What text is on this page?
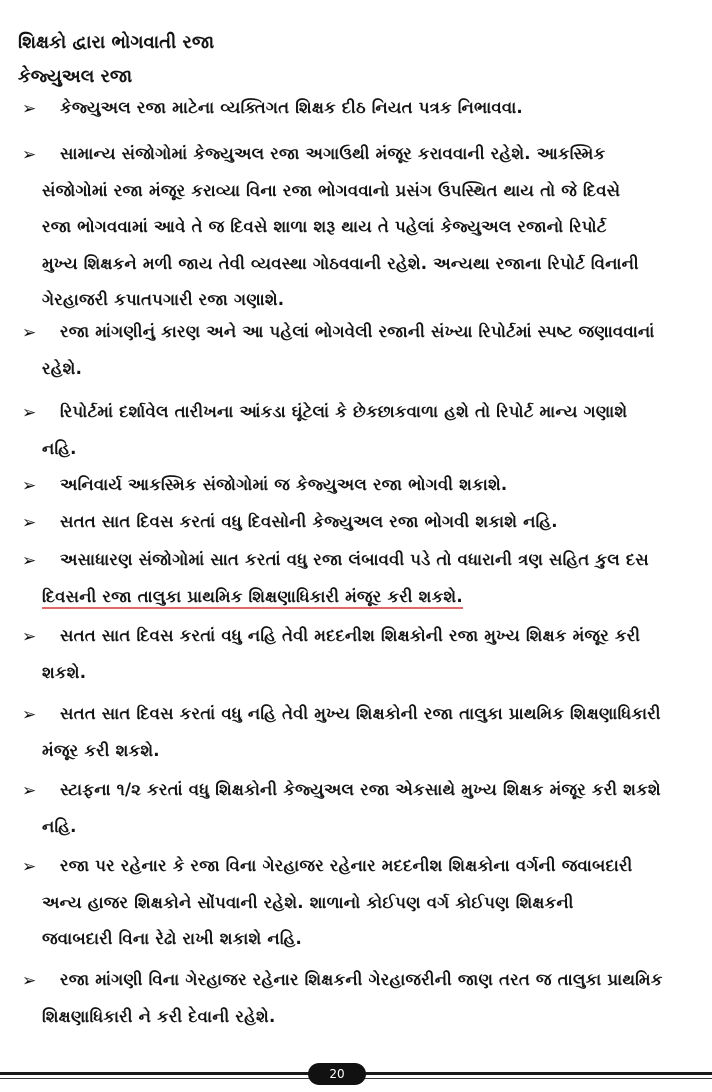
શિક્ષકો દ્વારા ભોગવાતી રજા
કેજ્યુઅલ રજા
➢ કેજ્યુઅલ રજા માટેના વ્યક્તિગત શિક્ષક દીઠ નિયત પત્રક નિભાવવા.
➢ સામાન્ય સંજોગોમાં કેજ્યુઅલ રજા અગાઉથી મંજૂર કરાવવાની રહેશે. આકસ્મિક
સંજોગોમાં રજા મંજૂર કરાવ્યા વિના રજા ભોગવવાનો પ્રસંગ ઉપસ્થિત થાય તો જે દિવસે
રજા ભોગવવામાં આવે તે જ દિવસે શાળા શરૂ થાય તે પહેલાં કેજ્યુઅલ રજાનો રિપોર્ટ
મુખ્ય શિક્ષકને મળી જાય તેવી વ્યવસ્થા ગોઠવવાની રહેશે. અન્યથા રજાના રિપોર્ટ વિનાની
ગેરહાજરી કપાતપગારી રજા ગણાશે.
➢ રજા માંગણીનું કારણ અને આ પહેલાં ભોગવેલી રજાની સંખ્યા રિપોર્ટમાં સ્પષ્ટ જણાવવાનાં
રહેશે.
➢ રિપોર્ટમાં દર્શાવેલ તારીખના આંકડા ઘૂંટેલાં કે છેકછાકવાળા હશે તો રિપોર્ટ માન્ય ગણાશે
નહિ.
➢ અનિવાર્ય આકસ્મિક સંજોગોમાં જ કેજ્યુઅલ રજા ભોગવી શકાશે.
➢ સતત સાત દિવસ કરતાં વધુ દિવસોની કેજ્યુઅલ રજા ભોગવી શકાશે નહિ.
➢ અસાધારણ સંજોગોમાં સાત કરતાં વધુ રજા લંબાવવી પડે તો વધારાની ત્રણ સહિત કુલ દસ
દિવસની રજા તાલુકા પ્રાથમિક શિક્ષણાધિકારી મંજૂર કરી શકશે.
➢ સતત સાત દિવસ કરતાં વધુ નહિ તેવી મદદનીશ શિક્ષકોની રજા મુખ્ય શિક્ષક મંજૂર કરી
શકશે.
➢ સતત સાત દિવસ કરતાં વધુ નહિ તેવી મુખ્ય શિક્ષકોની રજા તાલુકા પ્રાથમિક શિક્ષણાધિકારી
મંજૂર કરી શકશે.
➢ સ્ટાફના ૧/૨ કરતાં વધુ શિક્ષકોની કેજ્યુઅલ રજા એકસાથે મુખ્ય શિક્ષક મંજૂર કરી શકશે
નહિ.
➢ રજા પર રહેનાર કે રજા વિના ગેરહાજર રહેનાર મદદનીશ શિક્ષકોના વર્ગની જવાબદારી
અન્ય હાજર શિક્ષકોને સોંપવાની રહેશે. શાળાનો કોઈપણ વર્ગ કોઈપણ શિક્ષકની
જવાબદારી વિના રેઢો રાખી શકાશે નહિ.
➢ રજા માંગણી વિના ગેરહાજર રહેનાર શિક્ષકની ગેરહાજરીની જાણ તરત જ તાલુકા પ્રાથમિક
શિક્ષણાધિકારી ને કરી દેવાની રહેશે.
20
